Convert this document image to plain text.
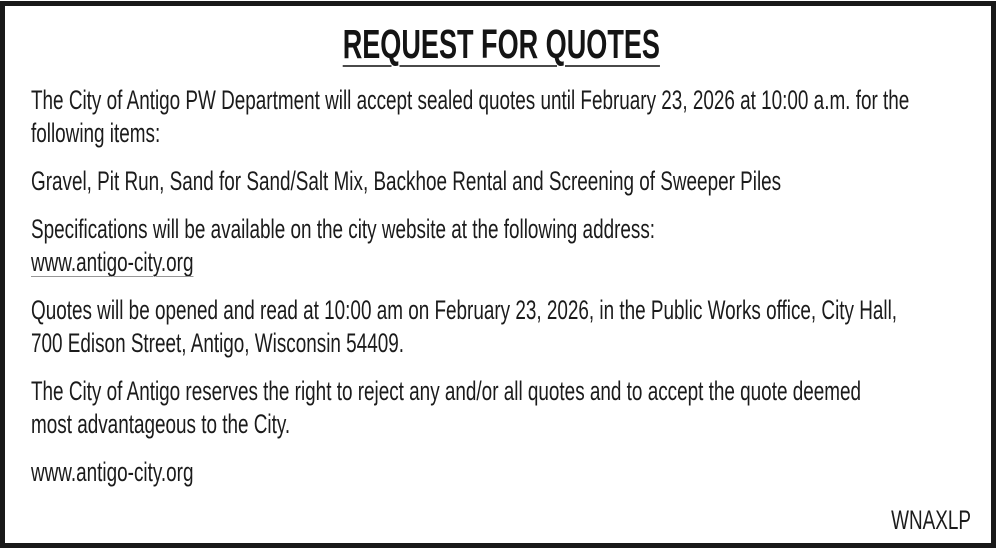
REQUEST FOR QUOTES
The City of Antigo PW Department will accept sealed quotes until February 23, 2026 at 10:00 a.m. for the
following items:
Gravel, Pit Run, Sand for Sand/Salt Mix, Backhoe Rental and Screening of Sweeper Piles
Specifications will be available on the city website at the following address:
www.antigo-city.org
Quotes will be opened and read at 10:00 am on February 23, 2026, in the Public Works office, City Hall,
700 Edison Street, Antigo, Wisconsin 54409.
The City of Antigo reserves the right to reject any and/or all quotes and to accept the quote deemed
most advantageous to the City.
www.antigo-city.org
WNAXLP
